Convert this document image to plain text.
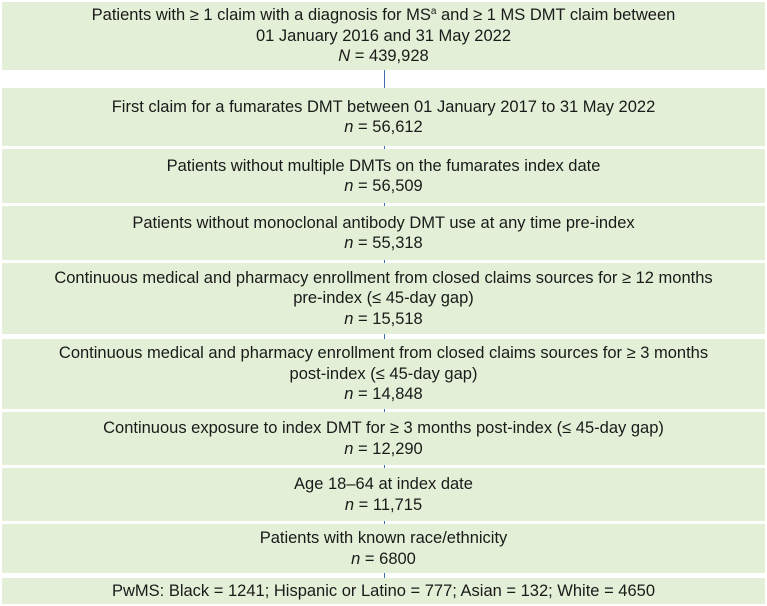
Patients with ≥ 1 claim with a diagnosis for $MS^a$ and ≥ 1 MS DMT claim between
01 January 2016 and 31 May 2022
N = 439,928
First claim for a fumarates DMT between 01 January 2017 to 31 May 2022
n = 56,612
Patients without multiple DMTs on the fumarates index date
n = 56,509
Patients without monoclonal antibody DMT use at any time pre-index
n = 55,318
Continuous medical and pharmacy enrollment from closed claims sources for ≥ 12 months
pre-index (≤ 45-day gap)
n = 15,518
Continuous medical and pharmacy enrollment from closed claims sources for ≥ 3 months
post-index (≤ 45-day gap)
n = 14,848
Continuous exposure to index DMT for ≥ 3 months post-index (≤ 45-day gap)
n = 12,290
Age 18–64 at index date
n = 11,715
Patients with known race/ethnicity
n = 6800
PwMS: Black = 1241; Hispanic or Latino = 777; Asian = 132; White = 4650
